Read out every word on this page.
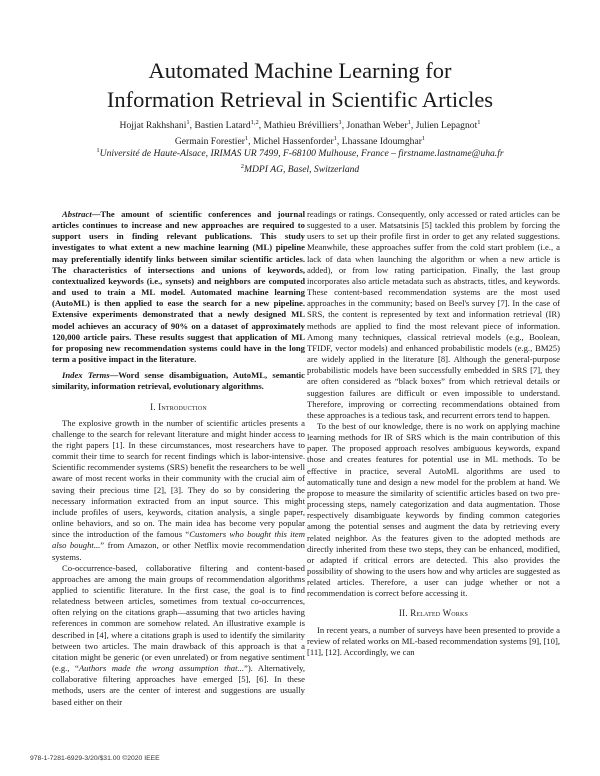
Automated Machine Learning for
Information Retrieval in Scientific Articles
Hojjat Rakhshani$^1$, Bastien Latard$^{1,2}$, Mathieu Brévilliers$^1$, Jonathan Weber$^1$, Julien Lepagnot$^1$
Germain Forestier$^1$, Michel Hassenforder$^1$, Lhassane Idoumghar$^1$
$^1$Université de Haute-Alsace, IRIMAS UR 7499, F-68100 Mulhouse, France – firstname.lastname@uha.fr
$^2$MDPI AG, Basel, Switzerland

Abstract—The amount of scientific conferences and journal articles continues to increase and new approaches are required to support users in finding relevant publications. This study investigates to what extent a new machine learning (ML) pipeline may preferentially identify links between similar scientific articles. The characteristics of intersections and unions of keywords, contextualized keywords (i.e., synsets) and neighbors are computed and used to train a ML model. Automated machine learning (AutoML) is then applied to ease the search for a new pipeline. Extensive experiments demonstrated that a newly designed ML model achieves an accuracy of 90% on a dataset of approximately 120,000 article pairs. These results suggest that application of ML for proposing new recommendation systems could have in the long term a positive impact in the literature.

Index Terms—Word sense disambiguation, AutoML, semantic similarity, information retrieval, evolutionary algorithms.

I. Introduction

The explosive growth in the number of scientific articles presents a challenge to the search for relevant literature and might hinder access to the right papers [1]. In these circumstances, most researchers have to commit their time to search for recent findings which is labor-intensive. Scientific recommender systems (SRS) benefit the researchers to be well aware of most recent works in their community with the crucial aim of saving their precious time [2], [3]. They do so by considering the necessary information extracted from an input source. This might include profiles of users, keywords, citation analysis, a single paper, online behaviors, and so on. The main idea has become very popular since the introduction of the famous “Customers who bought this item also bought...” from Amazon, or other Netflix movie recommendation systems.

Co-occurrence-based, collaborative filtering and content-based approaches are among the main groups of recommendation algorithms applied to scientific literature. In the first case, the goal is to find relatedness between articles, sometimes from textual co-occurrences, often relying on the citations graph—assuming that two articles having references in common are somehow related. An illustrative example is described in [4], where a citations graph is used to identify the similarity between two articles. The main drawback of this approach is that a citation might be generic (or even unrelated) or from negative sentiment (e.g., “Authors made the wrong assumption that...”). Alternatively, collaborative filtering approaches have emerged [5], [6]. In these methods, users are the center of interest and suggestions are usually based either on their

readings or ratings. Consequently, only accessed or rated articles can be suggested to a user. Matsatsinis [5] tackled this problem by forcing the users to set up their profile first in order to get any related suggestions. Meanwhile, these approaches suffer from the cold start problem (i.e., a lack of data when launching the algorithm or when a new article is added), or from low rating participation. Finally, the last group incorporates also article metadata such as abstracts, titles, and keywords. These content-based recommendation systems are the most used approaches in the community; based on Beel's survey [7]. In the case of SRS, the content is represented by text and information retrieval (IR) methods are applied to find the most relevant piece of information. Among many techniques, classical retrieval models (e.g., Boolean, TFIDF, vector models) and enhanced probabilistic models (e.g., BM25) are widely applied in the literature [8]. Although the general-purpose probabilistic models have been successfully embedded in SRS [7], they are often considered as “black boxes” from which retrieval details or suggestion failures are difficult or even impossible to understand. Therefore, improving or correcting recommendations obtained from these approaches is a tedious task, and recurrent errors tend to happen.

To the best of our knowledge, there is no work on applying machine learning methods for IR of SRS which is the main contribution of this paper. The proposed approach resolves ambiguous keywords, expand those and creates features for potential use in ML methods. To be effective in practice, several AutoML algorithms are used to automatically tune and design a new model for the problem at hand. We propose to measure the similarity of scientific articles based on two pre-processing steps, namely categorization and data augmentation. Those respectively disambiguate keywords by finding common categories among the potential senses and augment the data by retrieving every related neighbor. As the features given to the adopted methods are directly inherited from these two steps, they can be enhanced, modified, or adapted if critical errors are detected. This also provides the possibility of showing to the users how and why articles are suggested as related articles. Therefore, a user can judge whether or not a recommendation is correct before accessing it.

II. Related Works

In recent years, a number of surveys have been presented to provide a review of related works on ML-based recommendation systems [9], [10], [11], [12]. Accordingly, we can

978-1-7281-6929-3/20/$31.00 ©2020 IEEE
